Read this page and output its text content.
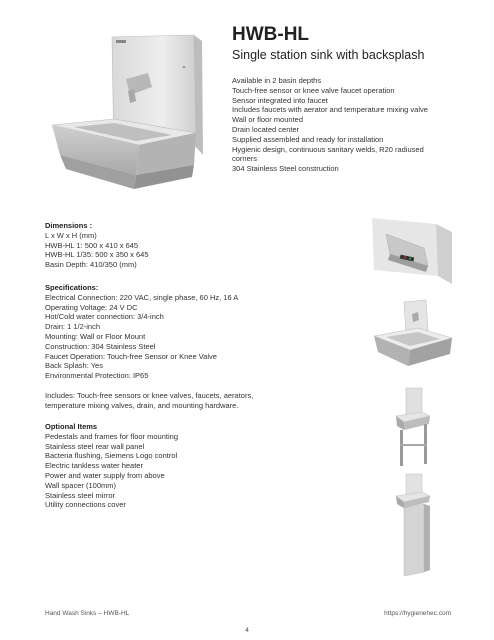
HWB-HL
Single station sink with backsplash
Available in 2 basin depths
Touch-free sensor or knee valve faucet operation
Sensor integrated into faucet
Includes faucets with aerator and temperature mixing valve
Wall or floor mounted
Drain located center
Supplied assembled and ready for installation
Hygienic design, continuous sanitary welds, R20 radiused
corners
304 Stainless Steel construction
Dimensions :
L x W x H (mm)
HWB-HL 1: 500 x 410 x 645
HWB-HL 1/35: 500 x 350 x 645
Basin Depth: 410/350 (mm)
Specifications:
Electrical Connection: 220 VAC, single phase, 60 Hz, 16 A
Operating Voltage: 24 V DC
Hot/Cold water connection: 3/4-inch
Drain: 1 1/2-inch
Mounting: Wall or Floor Mount
Construction: 304 Stainless Steel
Faucet Operation: Touch-free Sensor or Knee Valve
Back Splash: Yes
Environmental Protection: IP65
Includes: Touch-free sensors or knee valves, faucets, aerators,
temperature mixing valves, drain, and mounting hardware.
Optional Items
Pedestals and frames for floor mounting
Stainless steel rear wall panel
Bacteria flushing, Siemens Logo control
Electric tankless water heater
Power and water supply from above
Wall spacer (100mm)
Stainless steel mirror
Utility connections cover
Hand Wash Sinks – HWB-HL	https://hygienehec.com
4
